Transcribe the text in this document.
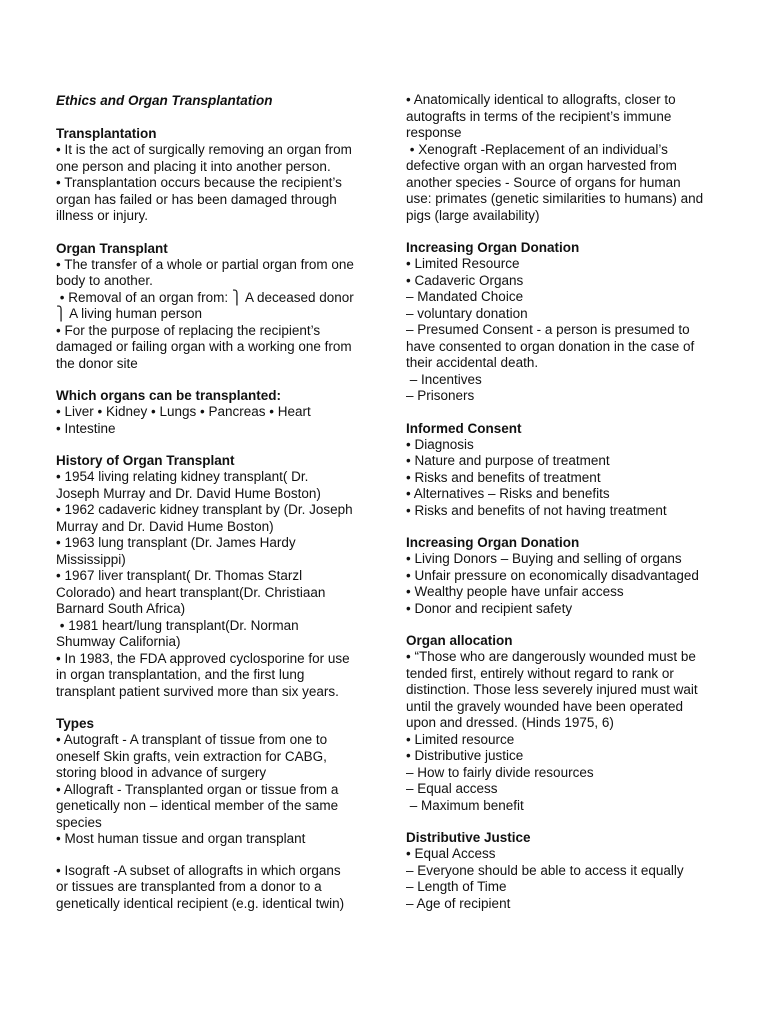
Ethics and Organ Transplantation

Transplantation

• It is the act of surgically removing an organ from

one person and placing it into another person.

• Transplantation occurs because the recipient’s

organ has failed or has been damaged through

illness or injury.

Organ Transplant

• The transfer of a whole or partial organ from one

body to another.

• Removal of an organ from: ⎫ A deceased donor

⎫ A living human person

• For the purpose of replacing the recipient’s

damaged or failing organ with a working one from

the donor site

Which organs can be transplanted:

• Liver • Kidney • Lungs • Pancreas • Heart

• Intestine

History of Organ Transplant

• 1954 living relating kidney transplant( Dr.

Joseph Murray and Dr. David Hume Boston)

• 1962 cadaveric kidney transplant by (Dr. Joseph

Murray and Dr. David Hume Boston)

• 1963 lung transplant (Dr. James Hardy

Mississippi)

• 1967 liver transplant( Dr. Thomas Starzl

Colorado) and heart transplant(Dr. Christiaan

Barnard South Africa)

• 1981 heart/lung transplant(Dr. Norman

Shumway California)

• In 1983, the FDA approved cyclosporine for use

in organ transplantation, and the first lung

transplant patient survived more than six years.

Types

• Autograft - A transplant of tissue from one to

oneself Skin grafts, vein extraction for CABG,

storing blood in advance of surgery

• Allograft - Transplanted organ or tissue from a

genetically non – identical member of the same

species

• Most human tissue and organ transplant

• Isograft -A subset of allografts in which organs

or tissues are transplanted from a donor to a

genetically identical recipient (e.g. identical twin)

• Anatomically identical to allografts, closer to

autografts in terms of the recipient’s immune

response

• Xenograft -Replacement of an individual’s

defective organ with an organ harvested from

another species - Source of organs for human

use: primates (genetic similarities to humans) and

pigs (large availability)

Increasing Organ Donation

• Limited Resource

• Cadaveric Organs

– Mandated Choice

– voluntary donation

– Presumed Consent - a person is presumed to

have consented to organ donation in the case of

their accidental death.

– Incentives

– Prisoners

Informed Consent

• Diagnosis

• Nature and purpose of treatment

• Risks and benefits of treatment

• Alternatives – Risks and benefits

• Risks and benefits of not having treatment

Increasing Organ Donation

• Living Donors – Buying and selling of organs

• Unfair pressure on economically disadvantaged

• Wealthy people have unfair access

• Donor and recipient safety

Organ allocation

• “Those who are dangerously wounded must be

tended first, entirely without regard to rank or

distinction. Those less severely injured must wait

until the gravely wounded have been operated

upon and dressed. (Hinds 1975, 6)

• Limited resource

• Distributive justice

– How to fairly divide resources

– Equal access

– Maximum benefit

Distributive Justice

• Equal Access

– Everyone should be able to access it equally

– Length of Time

– Age of recipient
